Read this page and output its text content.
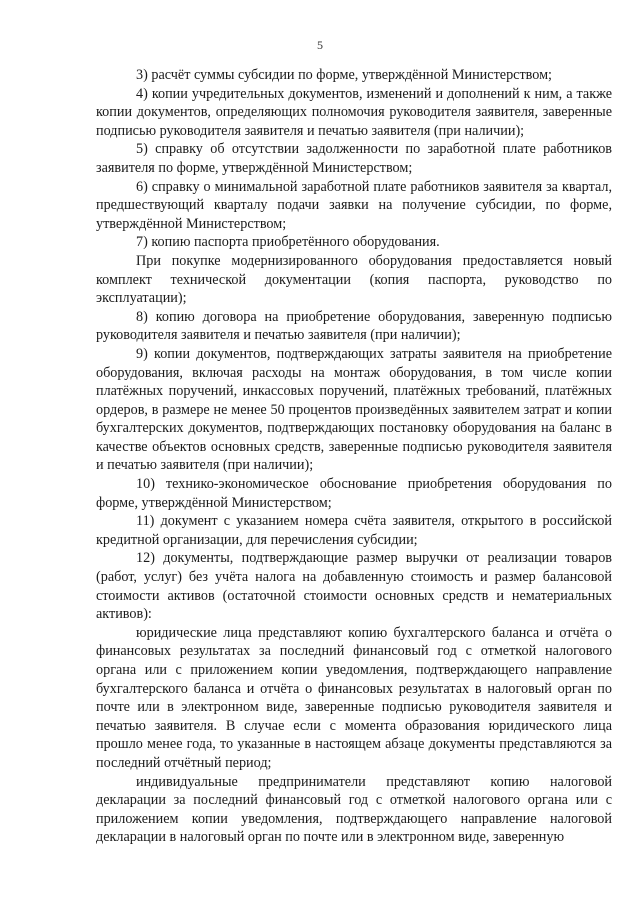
5

3) расчёт суммы субсидии по форме, утверждённой Министерством;

4) копии учредительных документов, изменений и дополнений к ним, а также копии документов, определяющих полномочия руководителя заявителя, заверенные подписью руководителя заявителя и печатью заявителя (при наличии);

5) справку об отсутствии задолженности по заработной плате работников заявителя по форме, утверждённой Министерством;

6) справку о минимальной заработной плате работников заявителя за квартал, предшествующий кварталу подачи заявки на получение субсидии, по форме, утверждённой Министерством;

7) копию паспорта приобретённого оборудования.

При покупке модернизированного оборудования предоставляется новый комплект технической документации (копия паспорта, руководство по эксплуатации);

8) копию договора на приобретение оборудования, заверенную подписью руководителя заявителя и печатью заявителя (при наличии);

9) копии документов, подтверждающих затраты заявителя на приобретение оборудования, включая расходы на монтаж оборудования, в том числе копии платёжных поручений, инкассовых поручений, платёжных требований, платёжных ордеров, в размере не менее 50 процентов произведённых заявителем затрат и копии бухгалтерских документов, подтверждающих постановку оборудования на баланс в качестве объектов основных средств, заверенные подписью руководителя заявителя и печатью заявителя (при наличии);

10) технико-экономическое обоснование приобретения оборудования по форме, утверждённой Министерством;

11) документ с указанием номера счёта заявителя, открытого в российской кредитной организации, для перечисления субсидии;

12) документы, подтверждающие размер выручки от реализации товаров (работ, услуг) без учёта налога на добавленную стоимость и размер балансовой стоимости активов (остаточной стоимости основных средств и нематериальных активов):

юридические лица представляют копию бухгалтерского баланса и отчёта о финансовых результатах за последний финансовый год с отметкой налогового органа или с приложением копии уведомления, подтверждающего направление бухгалтерского баланса и отчёта о финансовых результатах в налоговый орган по почте или в электронном виде, заверенные подписью руководителя заявителя и печатью заявителя. В случае если с момента образования юридического лица прошло менее года, то указанные в настоящем абзаце документы представляются за последний отчётный период;

индивидуальные предприниматели представляют копию налоговой декларации за последний финансовый год с отметкой налогового органа или с приложением копии уведомления, подтверждающего направление налоговой декларации в налоговый орган по почте или в электронном виде, заверенную
